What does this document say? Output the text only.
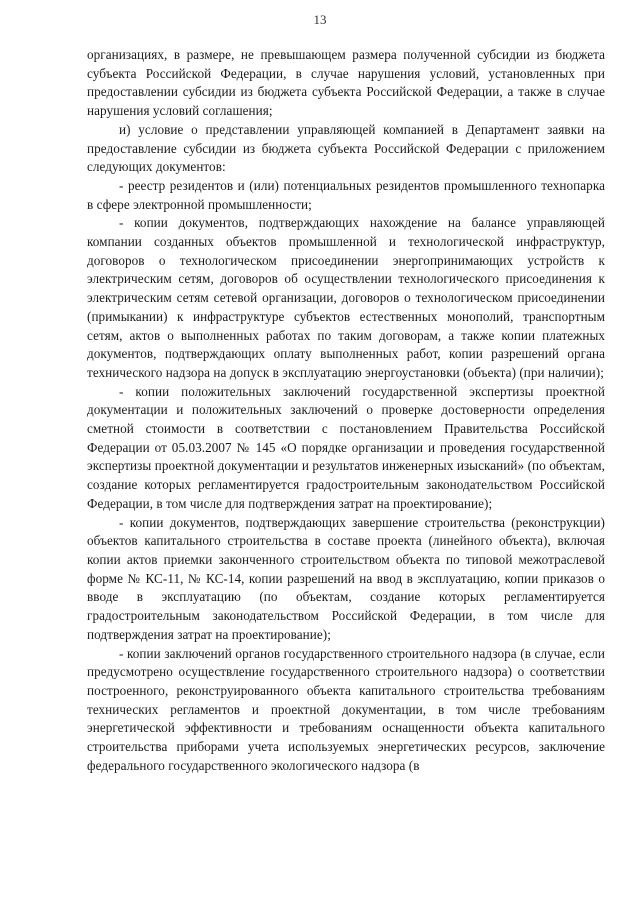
13

организациях, в размере, не превышающем размера полученной субсидии из бюджета субъекта Российской Федерации, в случае нарушения условий, установленных при предоставлении субсидии из бюджета субъекта Российской Федерации, а также в случае нарушения условий соглашения;

и) условие о представлении управляющей компанией в Департамент заявки на предоставление субсидии из бюджета субъекта Российской Федерации с приложением следующих документов:

- реестр резидентов и (или) потенциальных резидентов промышленного технопарка в сфере электронной промышленности;

- копии документов, подтверждающих нахождение на балансе управляющей компании созданных объектов промышленной и технологической инфраструктур, договоров о технологическом присоединении энергопринимающих устройств к электрическим сетям, договоров об осуществлении технологического присоединения к электрическим сетям сетевой организации, договоров о технологическом присоединении (примыкании) к инфраструктуре субъектов естественных монополий, транспортным сетям, актов о выполненных работах по таким договорам, а также копии платежных документов, подтверждающих оплату выполненных работ, копии разрешений органа технического надзора на допуск в эксплуатацию энергоустановки (объекта) (при наличии);

- копии положительных заключений государственной экспертизы проектной документации и положительных заключений о проверке достоверности определения сметной стоимости в соответствии с постановлением Правительства Российской Федерации от 05.03.2007 № 145 «О порядке организации и проведения государственной экспертизы проектной документации и результатов инженерных изысканий» (по объектам, создание которых регламентируется градостроительным законодательством Российской Федерации, в том числе для подтверждения затрат на проектирование);

- копии документов, подтверждающих завершение строительства (реконструкции) объектов капитального строительства в составе проекта (линейного объекта), включая копии актов приемки законченного строительством объекта по типовой межотраслевой форме № КС-11, № КС-14, копии разрешений на ввод в эксплуатацию, копии приказов о вводе в эксплуатацию (по объектам, создание которых регламентируется градостроительным законодательством Российской Федерации, в том числе для подтверждения затрат на проектирование);

- копии заключений органов государственного строительного надзора (в случае, если предусмотрено осуществление государственного строительного надзора) о соответствии построенного, реконструированного объекта капитального строительства требованиям технических регламентов и проектной документации, в том числе требованиям энергетической эффективности и требованиям оснащенности объекта капитального строительства приборами учета используемых энергетических ресурсов, заключение федерального государственного экологического надзора (в
